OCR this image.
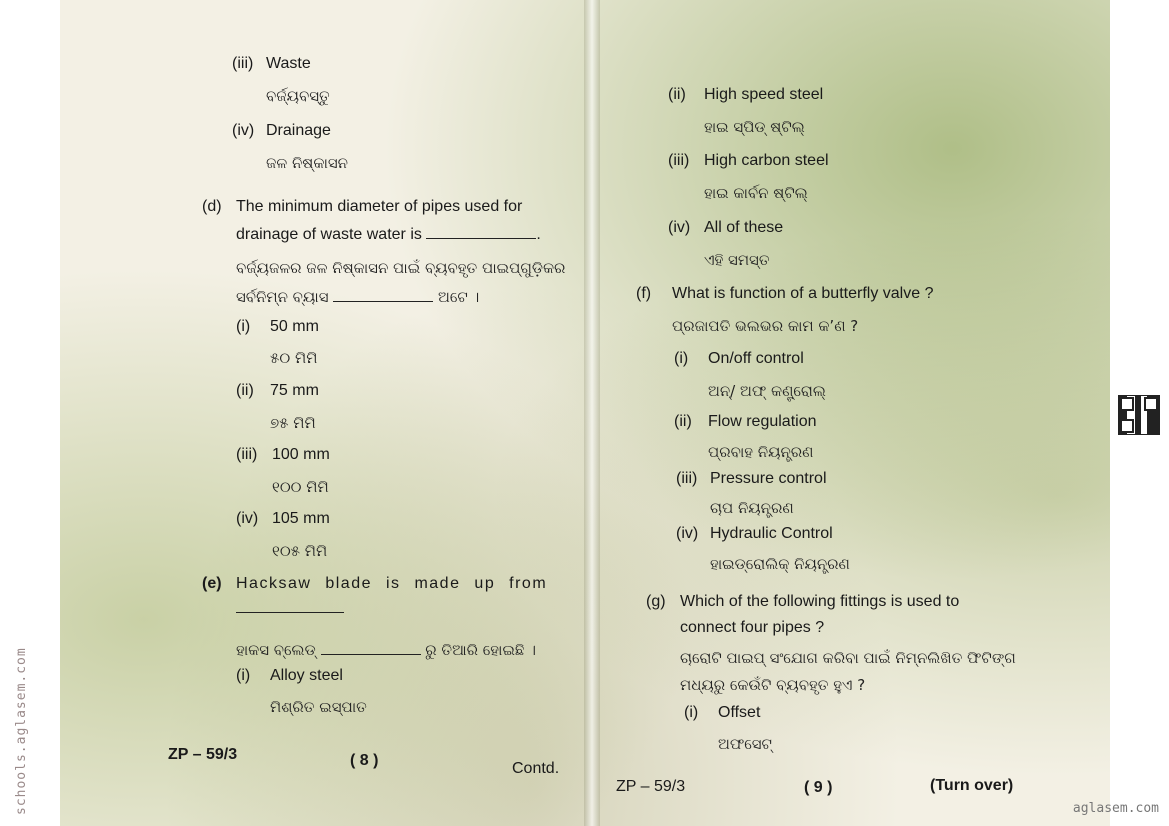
(iii) Waste
ବର୍ଜ୍ୟବସ୍ତୁ
(iv) Drainage
ଜଳ ନିଷ୍କାସନ
(d) The minimum diameter of pipes used for
drainage of waste water is	.
ବର୍ଜ୍ୟଜଳର ଜଳ ନିଷ୍କାସନ ପାଇଁ ବ୍ୟବହୃତ ପାଇପ୍‌ଗୁଡ଼ିକର
ସର୍ବନିମ୍ନ ବ୍ୟାସ	ଅଟେ ।
(i) 50 mm
୫୦ ମିମି
(ii) 75 mm
୭୫ ମିମି
(iii) 100 mm
୧୦୦ ମିମି
(iv) 105 mm
୧୦୫ ମିମି
(e) Hacksaw blade is made up from
ହାକସ ବ୍ଲେଡ୍	ରୁ ତିଆରି ହୋଇଛି ।
(i) Alloy steel
ମିଶ୍ରିତ ଇସ୍ପାତ
ZP – 59/3	( 8 )	Contd.
(ii) High speed steel
ହାଇ ସ୍ପିଡ୍ ଷ୍ଟିଲ୍
(iii) High carbon steel
ହାଇ କାର୍ବନ ଷ୍ଟିଲ୍
(iv) All of these
ଏହି ସମସ୍ତ
(f) What is function of a butterfly valve ?
ପ୍ରଜାପତି ଭଲଭର କାମ କ’ଣ ?
(i) On/off control
ଅନ୍/ ଅଫ୍ କଣ୍ଟ୍ରୋଲ୍
(ii) Flow regulation
ପ୍ରବାହ ନିୟନ୍ତ୍ରଣ
(iii) Pressure control
ଚାପ ନିୟନ୍ତ୍ରଣ
(iv) Hydraulic Control
ହାଇଡ୍ରୋଲିକ୍ ନିୟନ୍ତ୍ରଣ
(g) Which of the following fittings is used to
connect four pipes ?
ଚାରୋଟି ପାଇପ୍ ସଂଯୋଗ କରିବା ପାଇଁ ନିମ୍ନଲିଖିତ ଫିଟିଙ୍ଗ
ମଧ୍ୟରୁ କେଉଁଟି ବ୍ୟବହୃତ ହୁଏ ?
(i) Offset
ଅଫସେଟ୍
ZP – 59/3	( 9 )	(Turn over)
schools.aglasem.com	aglasem.com
